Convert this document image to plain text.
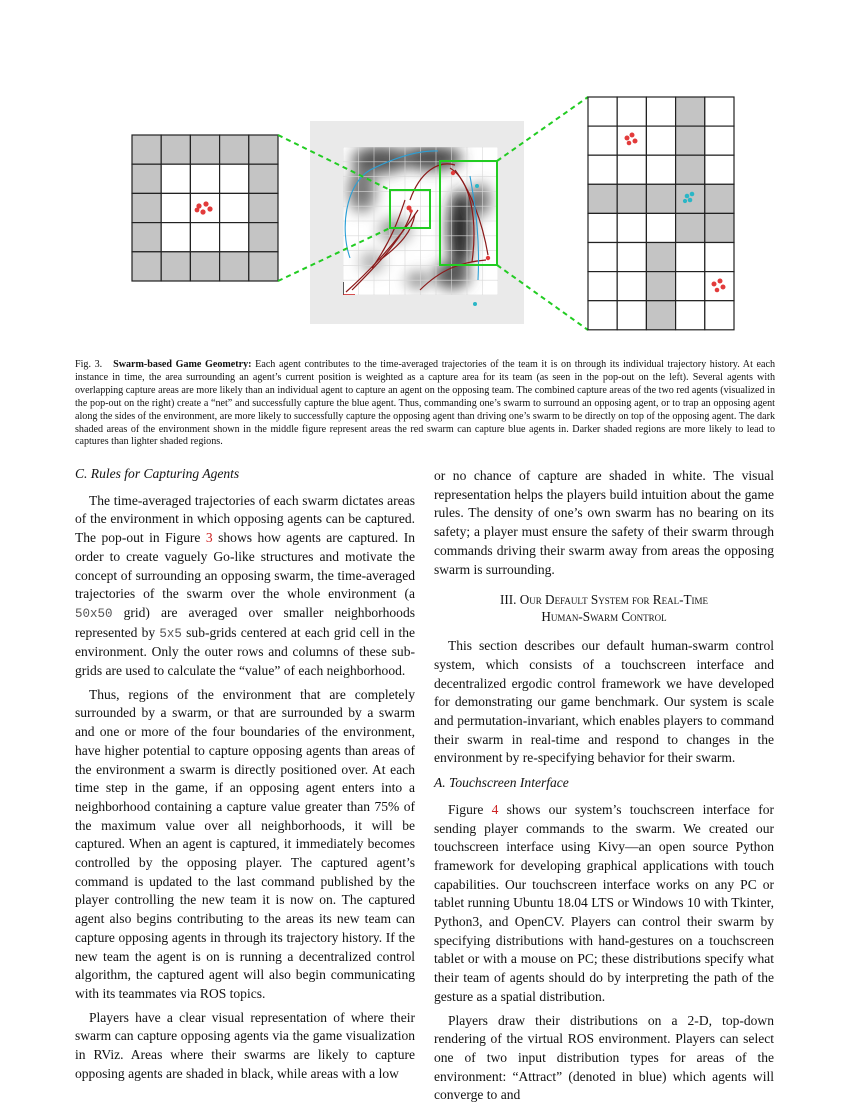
Fig. 3. Swarm-based Game Geometry: Each agent contributes to the time-averaged trajectories of the team it is on through its individual trajectory history. At each instance in time, the area surrounding an agent’s current position is weighted as a capture area for its team (as seen in the pop-out on the left). Several agents with overlapping capture areas are more likely than an individual agent to capture an agent on the opposing team. The combined capture areas of the two red agents (visualized in the pop-out on the right) create a “net” and successfully capture the blue agent. Thus, commanding one’s swarm to surround an opposing agent, or to trap an opposing agent along the sides of the environment, are more likely to successfully capture the opposing agent than driving one’s swarm to be directly on top of the opposing agent. The dark shaded areas of the environment shown in the middle figure represent areas the red swarm can capture blue agents in. Darker shaded regions are more likely to lead to captures than lighter shaded regions.
C. Rules for Capturing Agents

The time-averaged trajectories of each swarm dictates areas of the environment in which opposing agents can be captured. The pop-out in Figure 3 shows how agents are captured. In order to create vaguely Go-like structures and motivate the concept of surrounding an opposing swarm, the time-averaged trajectories of the swarm over the whole environment (a 50x50 grid) are averaged over smaller neighborhoods represented by 5x5 sub-grids centered at each grid cell in the environment. Only the outer rows and columns of these sub-grids are used to calculate the “value” of each neighborhood.

Thus, regions of the environment that are completely surrounded by a swarm, or that are surrounded by a swarm and one or more of the four boundaries of the environment, have higher potential to capture opposing agents than areas of the environment a swarm is directly positioned over. At each time step in the game, if an opposing agent enters into a neighborhood containing a capture value greater than 75% of the maximum value over all neighborhoods, it will be captured. When an agent is captured, it immediately becomes controlled by the opposing player. The captured agent’s command is updated to the last command published by the player controlling the new team it is now on. The captured agent also begins contributing to the areas its new team can capture opposing agents in through its trajectory history. If the new team the agent is on is running a decentralized control algorithm, the captured agent will also begin communicating with its teammates via ROS topics.

Players have a clear visual representation of where their swarm can capture opposing agents via the game visualization in RViz. Areas where their swarms are likely to capture opposing agents are shaded in black, while areas with a low

or no chance of capture are shaded in white. The visual representation helps the players build intuition about the game rules. The density of one’s own swarm has no bearing on its safety; a player must ensure the safety of their swarm through commands driving their swarm away from areas the opposing swarm is surrounding.

III. Our Default System for Real-Time
Human-Swarm Control

This section describes our default human-swarm control system, which consists of a touchscreen interface and decentralized ergodic control framework we have developed for demonstrating our game benchmark. Our system is scale and permutation-invariant, which enables players to command their swarm in real-time and respond to changes in the environment by re-specifying behavior for their swarm.

A. Touchscreen Interface

Figure 4 shows our system’s touchscreen interface for sending player commands to the swarm. We created our touchscreen interface using Kivy—an open source Python framework for developing graphical applications with touch capabilities. Our touchscreen interface works on any PC or tablet running Ubuntu 18.04 LTS or Windows 10 with Tkinter, Python3, and OpenCV. Players can control their swarm by specifying distributions with hand-gestures on a touchscreen tablet or with a mouse on PC; these distributions specify what their team of agents should do by interpreting the path of the gesture as a spatial distribution.

Players draw their distributions on a 2-D, top-down rendering of the virtual ROS environment. Players can select one of two input distribution types for areas of the environment: “Attract” (denoted in blue) which agents will converge to and
